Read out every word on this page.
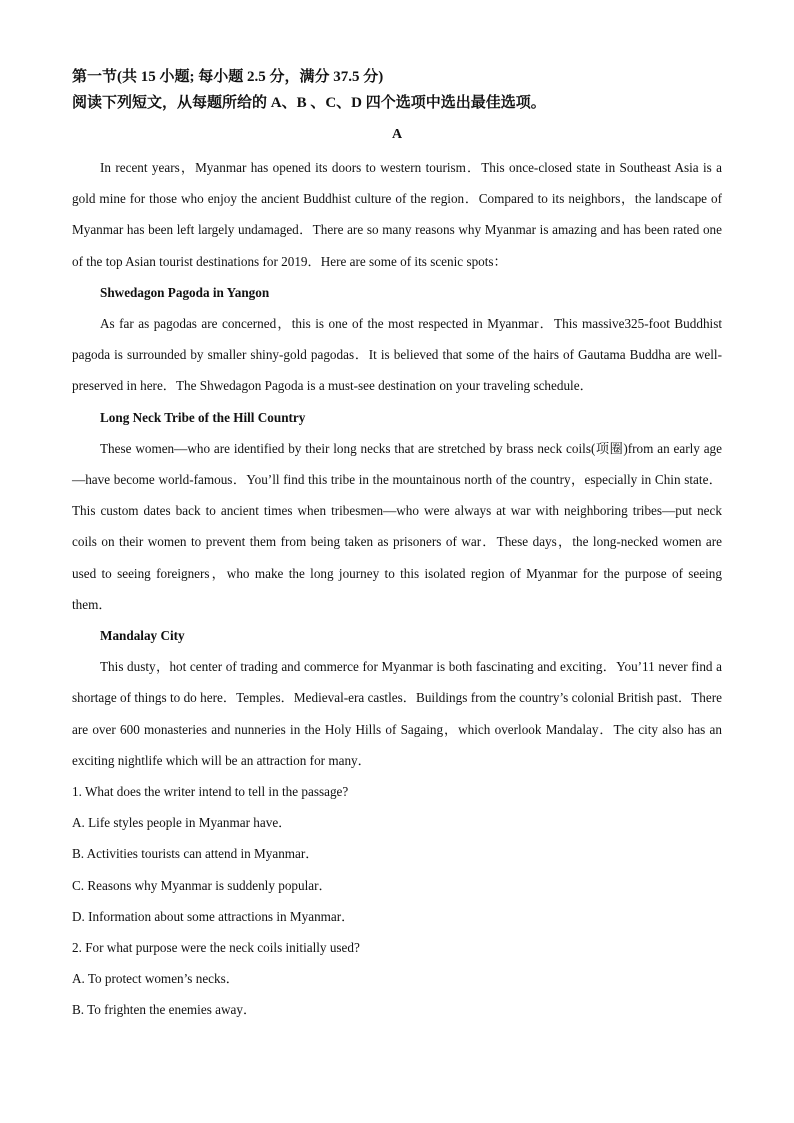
第一节(共 15 小题; 每小题 2.5 分，满分 37.5 分)

阅读下列短文，从每题所给的 A、B 、C、D 四个选项中选出最佳选项。

A

In recent years，Myanmar has opened its doors to western tourism．This once-closed state in Southeast Asia is a gold mine for those who enjoy the ancient Buddhist culture of the region．Compared to its neighbors，the landscape of Myanmar has been left largely undamaged．There are so many reasons why Myanmar is amazing and has been rated one of the top Asian tourist destinations for 2019．Here are some of its scenic spots：

Shwedagon Pagoda in Yangon

As far as pagodas are concerned，this is one of the most respected in Myanmar．This massive325-foot Buddhist pagoda is surrounded by smaller shiny-gold pagodas．It is believed that some of the hairs of Gautama Buddha are well-preserved in here．The Shwedagon Pagoda is a must-see destination on your traveling schedule．

Long Neck Tribe of the Hill Country

These women—who are identified by their long necks that are stretched by brass neck coils(项圈)from an early age—have become world-famous．You’ll find this tribe in the mountainous north of the country，especially in Chin state．This custom dates back to ancient times when tribesmen—who were always at war with neighboring tribes—put neck coils on their women to prevent them from being taken as prisoners of war．These days，the long-necked women are used to seeing foreigners，who make the long journey to this isolated region of Myanmar for the purpose of seeing them．

Mandalay City

This dusty，hot center of trading and commerce for Myanmar is both fascinating and exciting．You’11 never find a shortage of things to do here．Temples．Medieval-era castles．Buildings from the country’s colonial British past．There are over 600 monasteries and nunneries in the Holy Hills of Sagaing，which overlook Mandalay．The city also has an exciting nightlife which will be an attraction for many．

1. What does the writer intend to tell in the passage?

A. Life styles people in Myanmar have．

B. Activities tourists can attend in Myanmar．

C. Reasons why Myanmar is suddenly popular．

D. Information about some attractions in Myanmar．

2. For what purpose were the neck coils initially used?

A. To protect women’s necks．

B. To frighten the enemies away．
